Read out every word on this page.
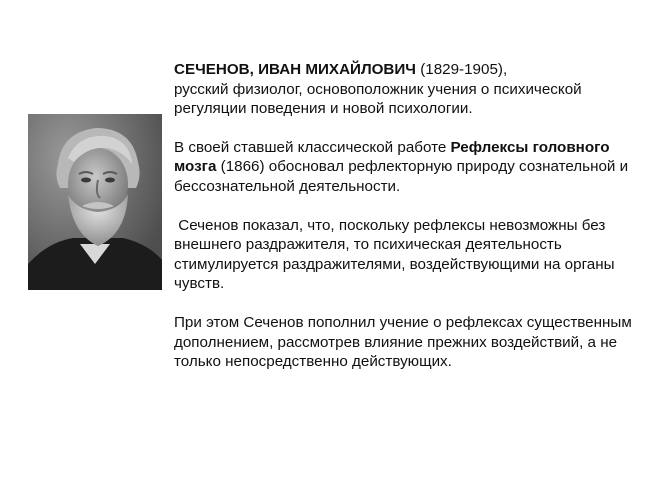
СЕЧЕНОВ, ИВАН МИХАЙЛОВИЧ (1829-1905),
русский физиолог, основоположник учения о психической регуляции поведения и новой психологии.

В своей ставшей классической работе Рефлексы головного мозга (1866) обосновал рефлекторную природу сознательной и бессознательной деятельности.

Сеченов показал, что, поскольку рефлексы невозможны без внешнего раздражителя, то психическая деятельность стимулируется раздражителями, воздействующими на органы чувств.

При этом Сеченов пополнил учение о рефлексах существенным дополнением, рассмотрев влияние прежних воздействий, а не только непосредственно действующих.
